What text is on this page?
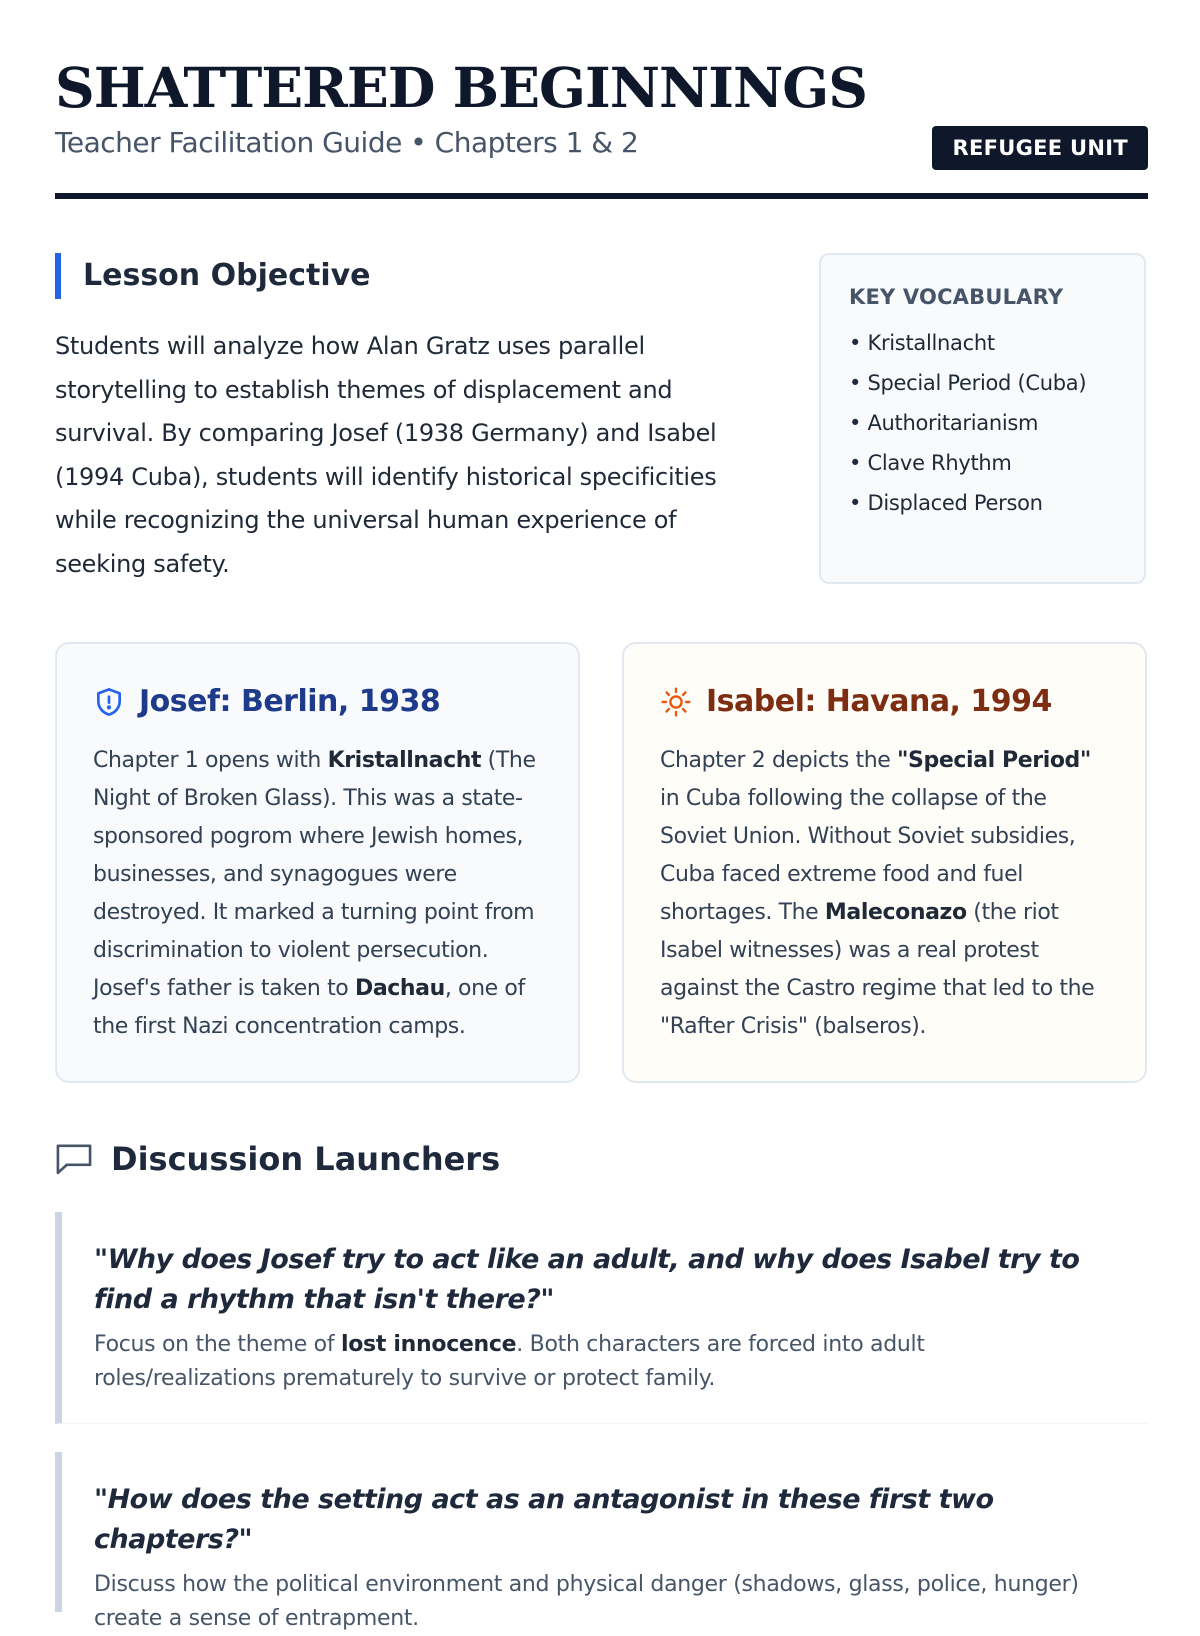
SHATTERED BEGINNINGS
Teacher Facilitation Guide • Chapters 1 & 2	REFUGEE UNIT
Lesson Objective

Students will analyze how Alan Gratz uses parallel storytelling to establish themes of displacement and survival. By comparing Josef (1938 Germany) and Isabel (1994 Cuba), students will identify historical specificities while recognizing the universal human experience of seeking safety.

KEY VOCABULARY
• Kristallnacht
• Special Period (Cuba)
• Authoritarianism
• Clave Rhythm
• Displaced Person
Josef: Berlin, 1938

Chapter 1 opens with Kristallnacht (The Night of Broken Glass). This was a state-sponsored pogrom where Jewish homes, businesses, and synagogues were destroyed. It marked a turning point from discrimination to violent persecution. Josef's father is taken to Dachau, one of the first Nazi concentration camps.

Isabel: Havana, 1994

Chapter 2 depicts the "Special Period" in Cuba following the collapse of the Soviet Union. Without Soviet subsidies, Cuba faced extreme food and fuel shortages. The Maleconazo (the riot Isabel witnesses) was a real protest against the Castro regime that led to the "Rafter Crisis" (balseros).

Discussion Launchers

"Why does Josef try to act like an adult, and why does Isabel try to find a rhythm that isn't there?"

Focus on the theme of lost innocence. Both characters are forced into adult roles/realizations prematurely to survive or protect family.

"How does the setting act as an antagonist in these first two chapters?"

Discuss how the political environment and physical danger (shadows, glass, police, hunger) create a sense of entrapment.
